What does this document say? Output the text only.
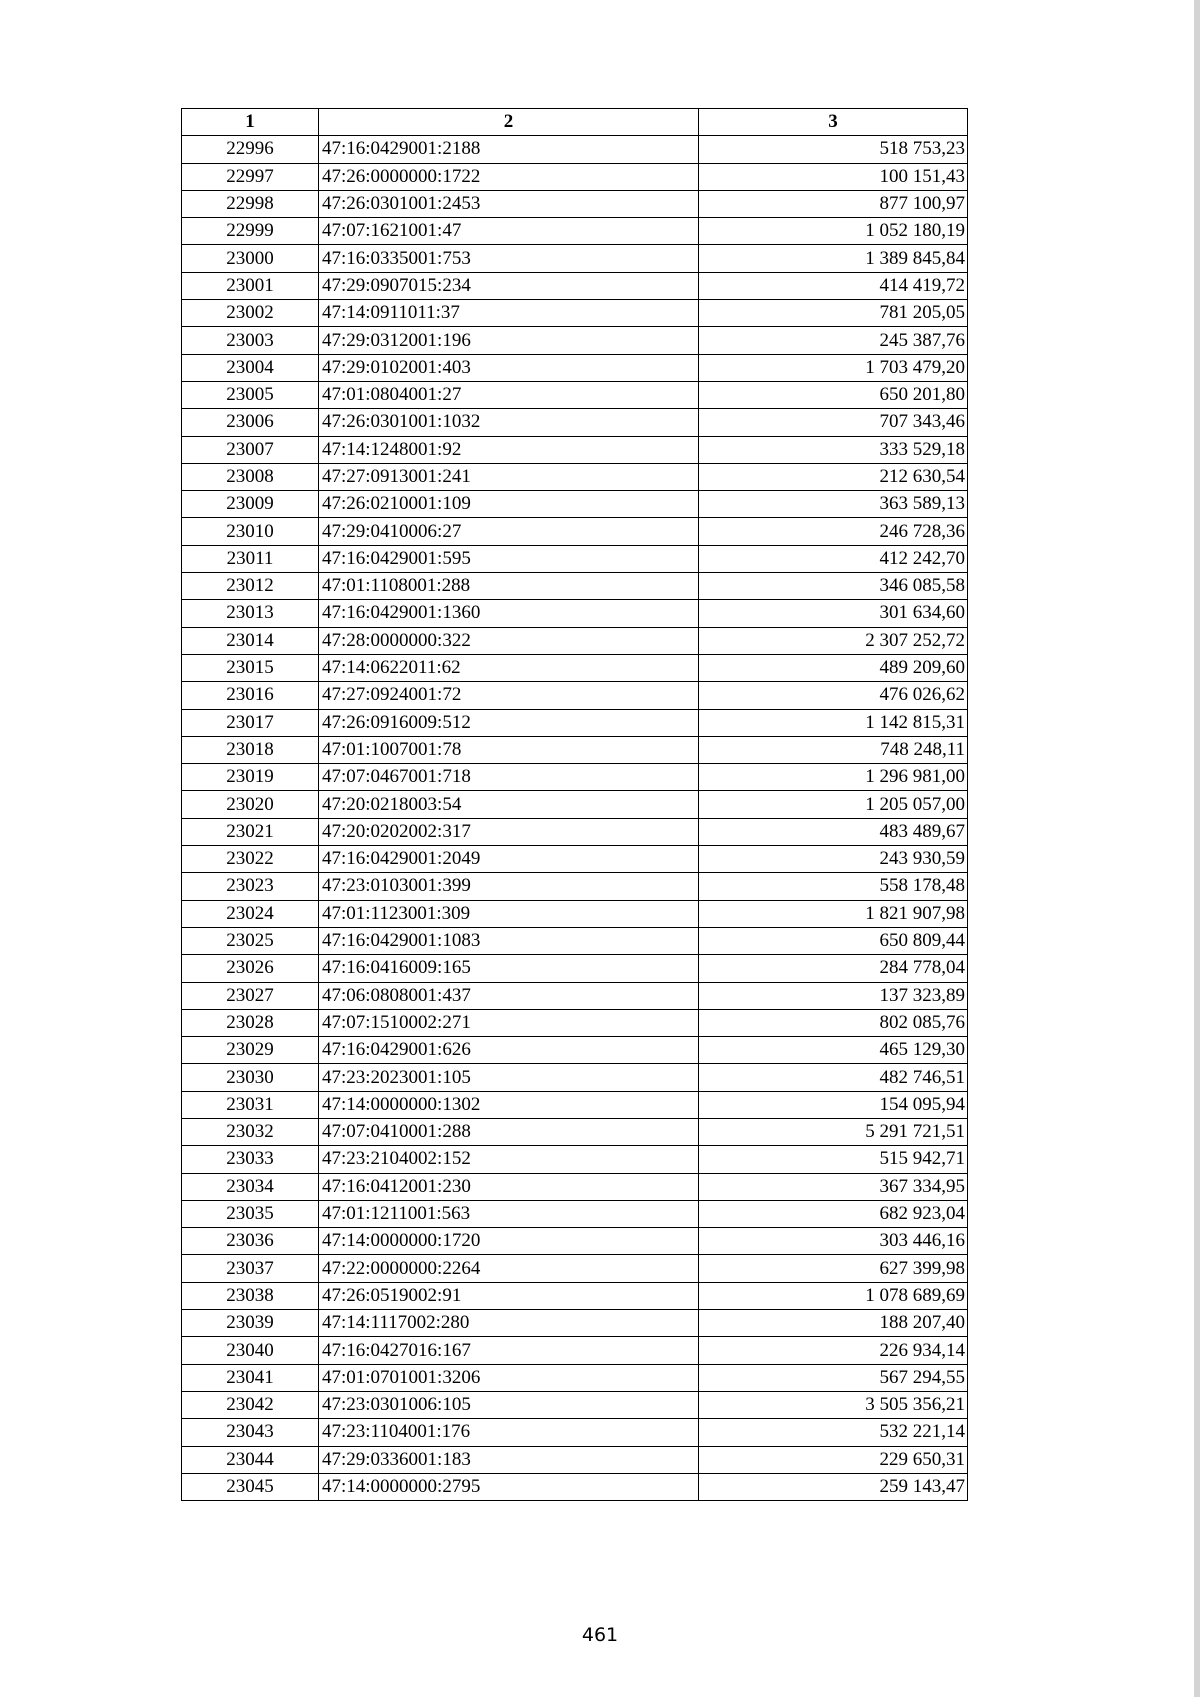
1	2	3
22996	47:16:0429001:2188	518 753,23
22997	47:26:0000000:1722	100 151,43
22998	47:26:0301001:2453	877 100,97
22999	47:07:1621001:47	1 052 180,19
23000	47:16:0335001:753	1 389 845,84
23001	47:29:0907015:234	414 419,72
23002	47:14:0911011:37	781 205,05
23003	47:29:0312001:196	245 387,76
23004	47:29:0102001:403	1 703 479,20
23005	47:01:0804001:27	650 201,80
23006	47:26:0301001:1032	707 343,46
23007	47:14:1248001:92	333 529,18
23008	47:27:0913001:241	212 630,54
23009	47:26:0210001:109	363 589,13
23010	47:29:0410006:27	246 728,36
23011	47:16:0429001:595	412 242,70
23012	47:01:1108001:288	346 085,58
23013	47:16:0429001:1360	301 634,60
23014	47:28:0000000:322	2 307 252,72
23015	47:14:0622011:62	489 209,60
23016	47:27:0924001:72	476 026,62
23017	47:26:0916009:512	1 142 815,31
23018	47:01:1007001:78	748 248,11
23019	47:07:0467001:718	1 296 981,00
23020	47:20:0218003:54	1 205 057,00
23021	47:20:0202002:317	483 489,67
23022	47:16:0429001:2049	243 930,59
23023	47:23:0103001:399	558 178,48
23024	47:01:1123001:309	1 821 907,98
23025	47:16:0429001:1083	650 809,44
23026	47:16:0416009:165	284 778,04
23027	47:06:0808001:437	137 323,89
23028	47:07:1510002:271	802 085,76
23029	47:16:0429001:626	465 129,30
23030	47:23:2023001:105	482 746,51
23031	47:14:0000000:1302	154 095,94
23032	47:07:0410001:288	5 291 721,51
23033	47:23:2104002:152	515 942,71
23034	47:16:0412001:230	367 334,95
23035	47:01:1211001:563	682 923,04
23036	47:14:0000000:1720	303 446,16
23037	47:22:0000000:2264	627 399,98
23038	47:26:0519002:91	1 078 689,69
23039	47:14:1117002:280	188 207,40
23040	47:16:0427016:167	226 934,14
23041	47:01:0701001:3206	567 294,55
23042	47:23:0301006:105	3 505 356,21
23043	47:23:1104001:176	532 221,14
23044	47:29:0336001:183	229 650,31
23045	47:14:0000000:2795	259 143,47
461
